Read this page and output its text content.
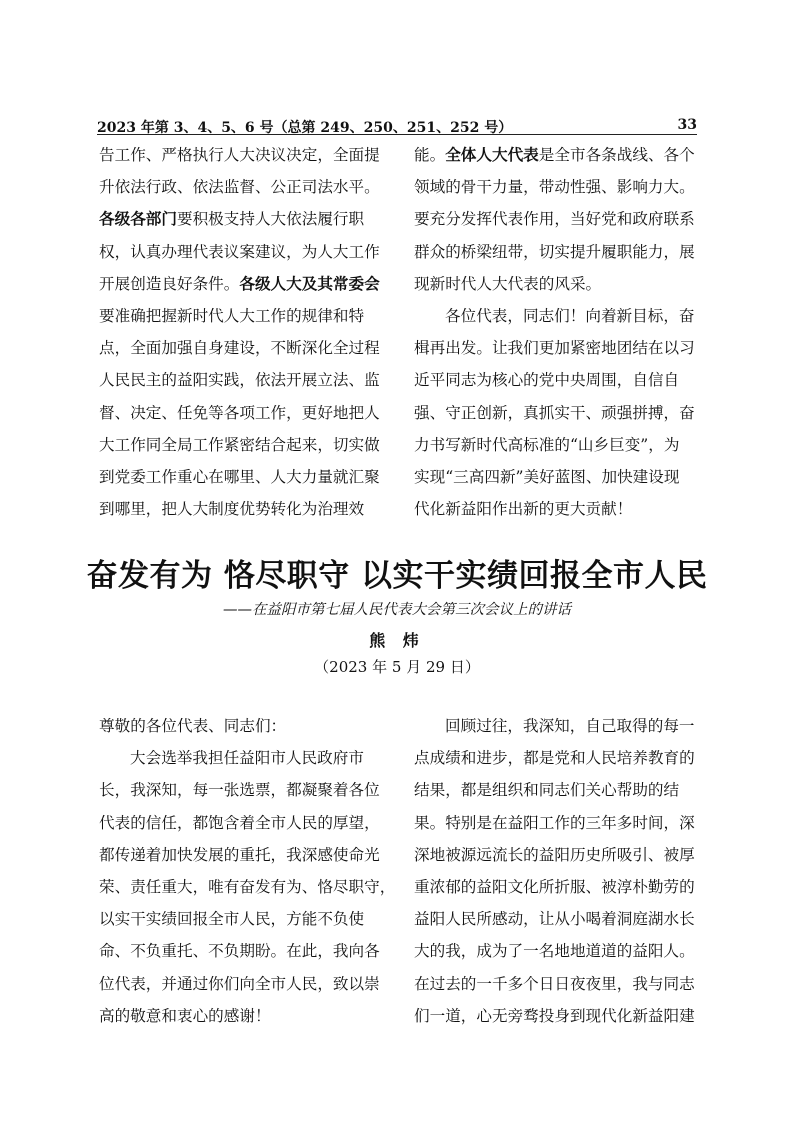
2023 年第 3、4、5、6 号（总第 249、250、251、252 号）	33
告工作、严格执行人大决议决定，全面提
升依法行政、依法监督、公正司法水平。
各级各部门要积极支持人大依法履行职
权，认真办理代表议案建议，为人大工作
开展创造良好条件。各级人大及其常委会
要准确把握新时代人大工作的规律和特
点，全面加强自身建设，不断深化全过程
人民民主的益阳实践，依法开展立法、监
督、决定、任免等各项工作，更好地把人
大工作同全局工作紧密结合起来，切实做
到党委工作重心在哪里、人大力量就汇聚
到哪里，把人大制度优势转化为治理效
能。全体人大代表是全市各条战线、各个
领域的骨干力量，带动性强、影响力大。
要充分发挥代表作用，当好党和政府联系
群众的桥梁纽带，切实提升履职能力，展
现新时代人大代表的风采。
各位代表，同志们！向着新目标，奋
楫再出发。让我们更加紧密地团结在以习
近平同志为核心的党中央周围，自信自
强、守正创新，真抓实干、顽强拼搏，奋
力书写新时代高标准的“山乡巨变”，为
实现“三高四新”美好蓝图、加快建设现
代化新益阳作出新的更大贡献！
奋发有为 恪尽职守 以实干实绩回报全市人民
——在益阳市第七届人民代表大会第三次会议上的讲话
熊 炜
（2023 年 5 月 29 日）
尊敬的各位代表、同志们：
大会选举我担任益阳市人民政府市
长，我深知，每一张选票，都凝聚着各位
代表的信任，都饱含着全市人民的厚望，
都传递着加快发展的重托，我深感使命光
荣、责任重大，唯有奋发有为、恪尽职守，
以实干实绩回报全市人民，方能不负使
命、不负重托、不负期盼。在此，我向各
位代表，并通过你们向全市人民，致以崇
高的敬意和衷心的感谢！
回顾过往，我深知，自己取得的每一
点成绩和进步，都是党和人民培养教育的
结果，都是组织和同志们关心帮助的结
果。特别是在益阳工作的三年多时间，深
深地被源远流长的益阳历史所吸引、被厚
重浓郁的益阳文化所折服、被淳朴勤劳的
益阳人民所感动，让从小喝着洞庭湖水长
大的我，成为了一名地地道道的益阳人。
在过去的一千多个日日夜夜里，我与同志
们一道，心无旁骛投身到现代化新益阳建
